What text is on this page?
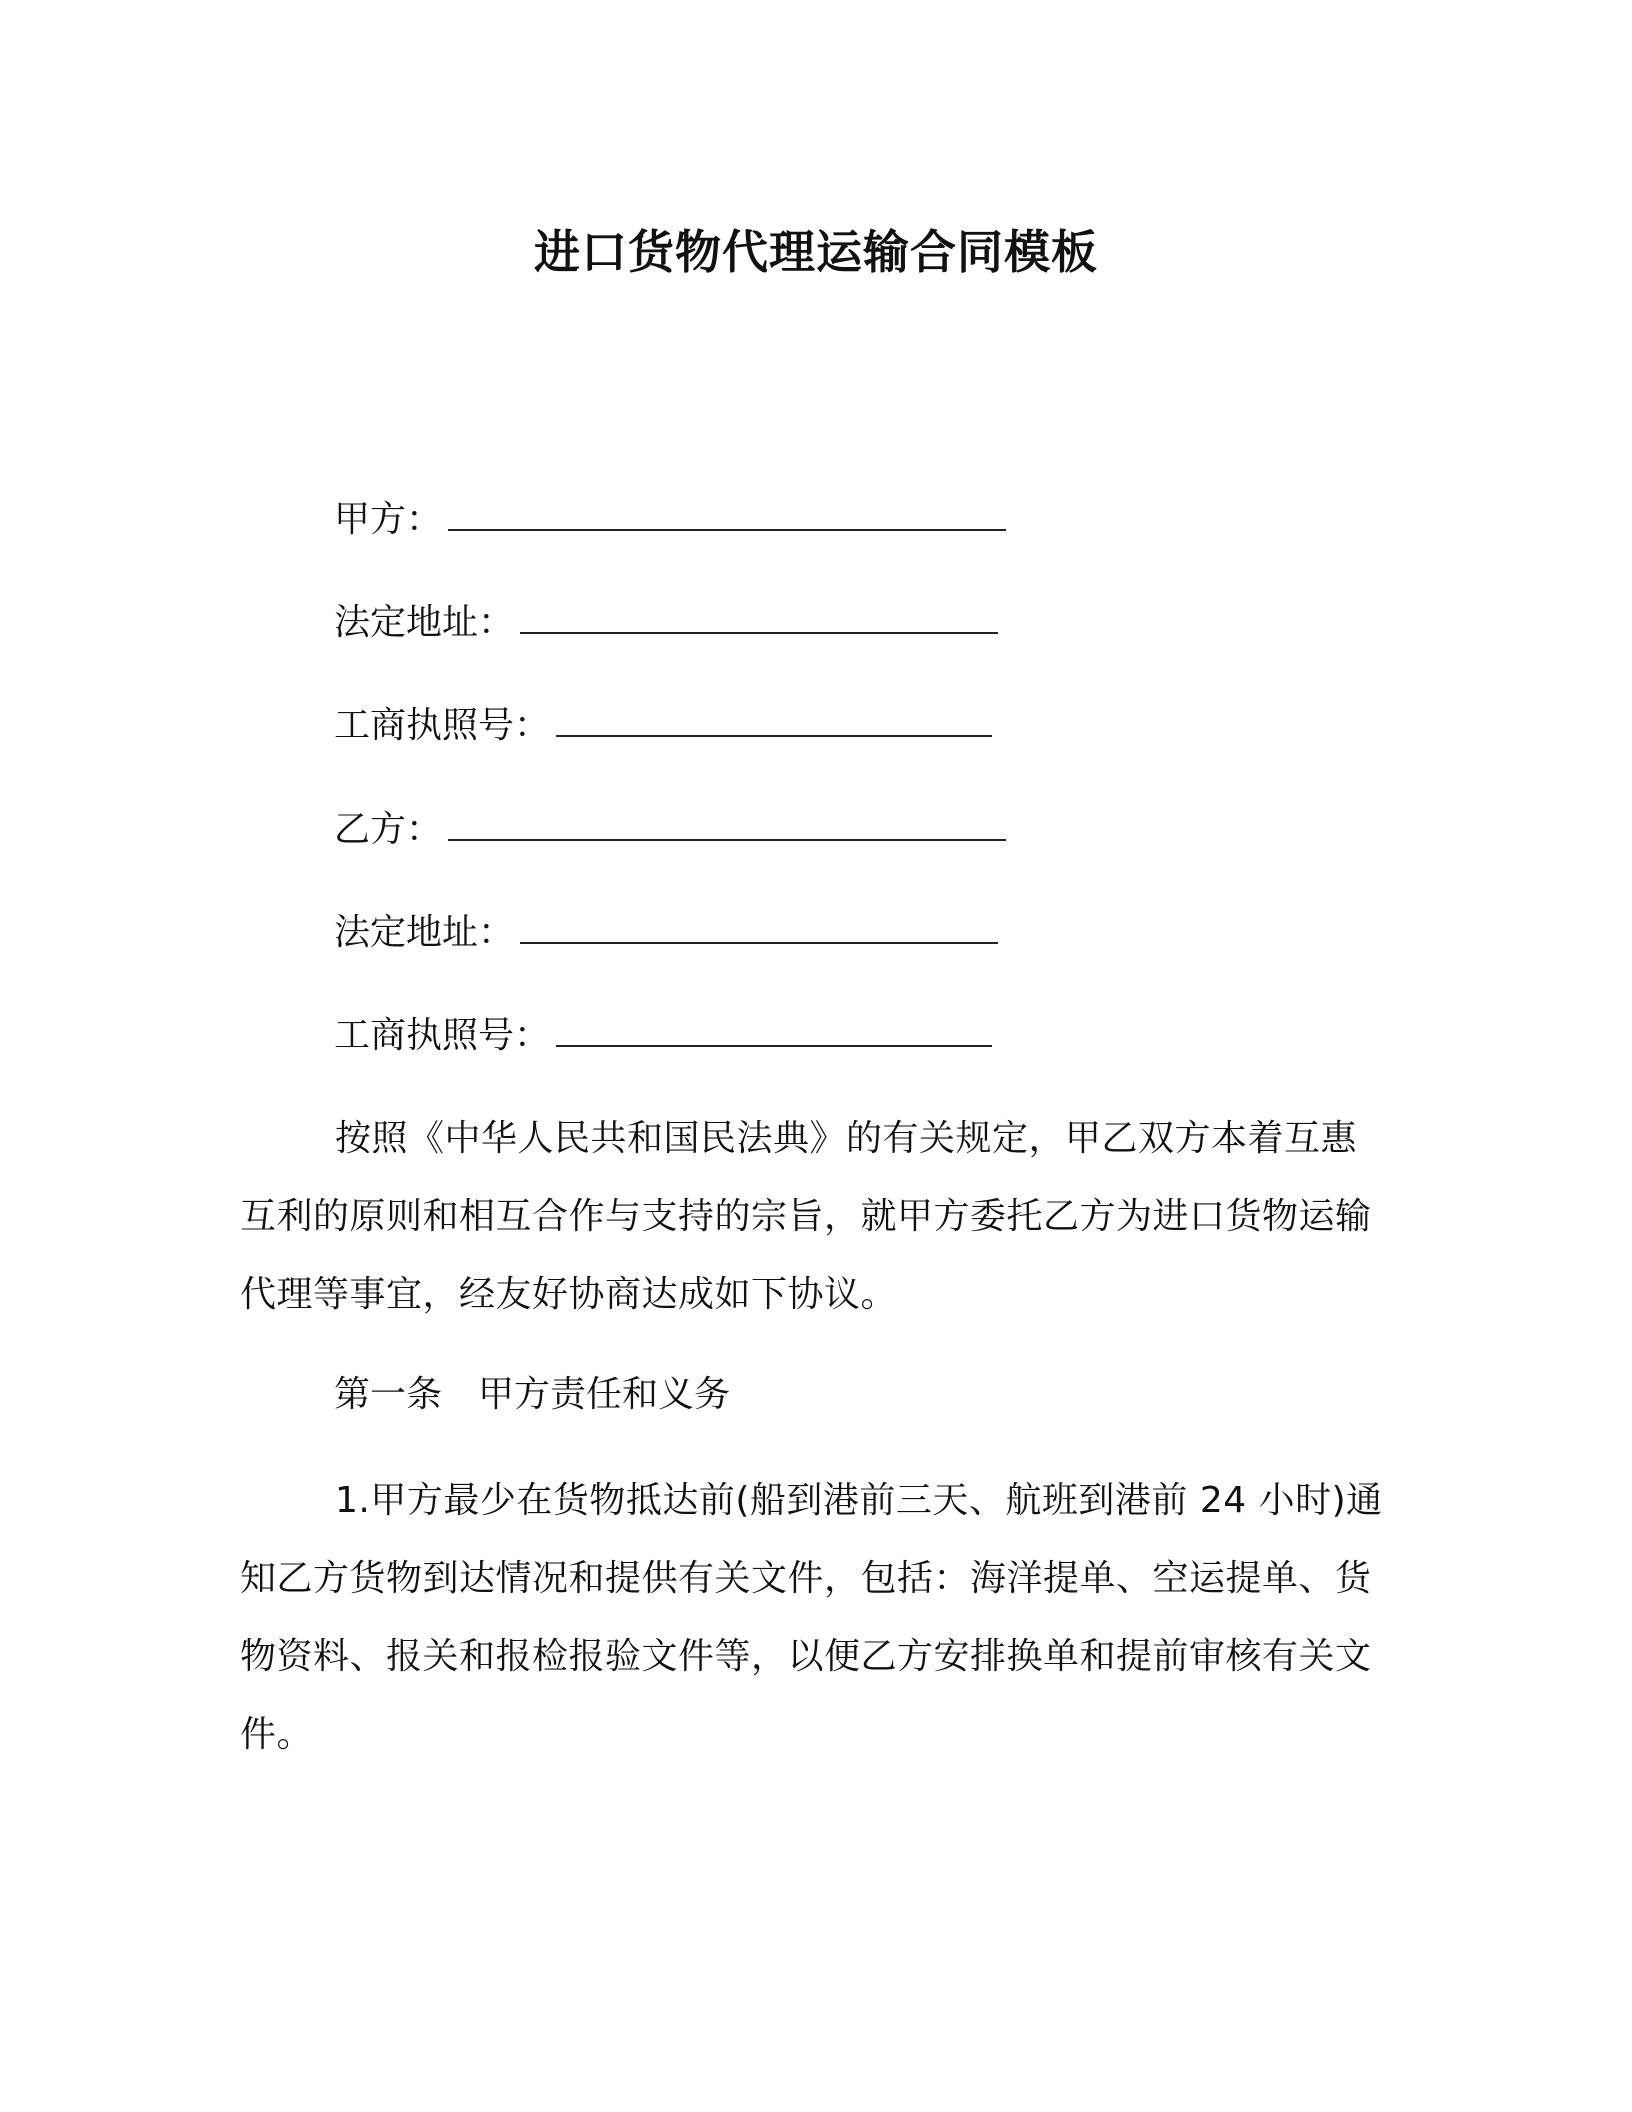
进口货物代理运输合同模板
甲方：
法定地址：
工商执照号：
乙方：
法定地址：
工商执照号：

按照《中华人民共和国民法典》的有关规定，甲乙双方本着互惠互利的原则和相互合作与支持的宗旨，就甲方委托乙方为进口货物运输代理等事宜，经友好协商达成如下协议。

第一条　甲方责任和义务

1.甲方最少在货物抵达前(船到港前三天、航班到港前 24 小时)通知乙方货物到达情况和提供有关文件，包括：海洋提单、空运提单、货物资料、报关和报检报验文件等，以便乙方安排换单和提前审核有关文件。
